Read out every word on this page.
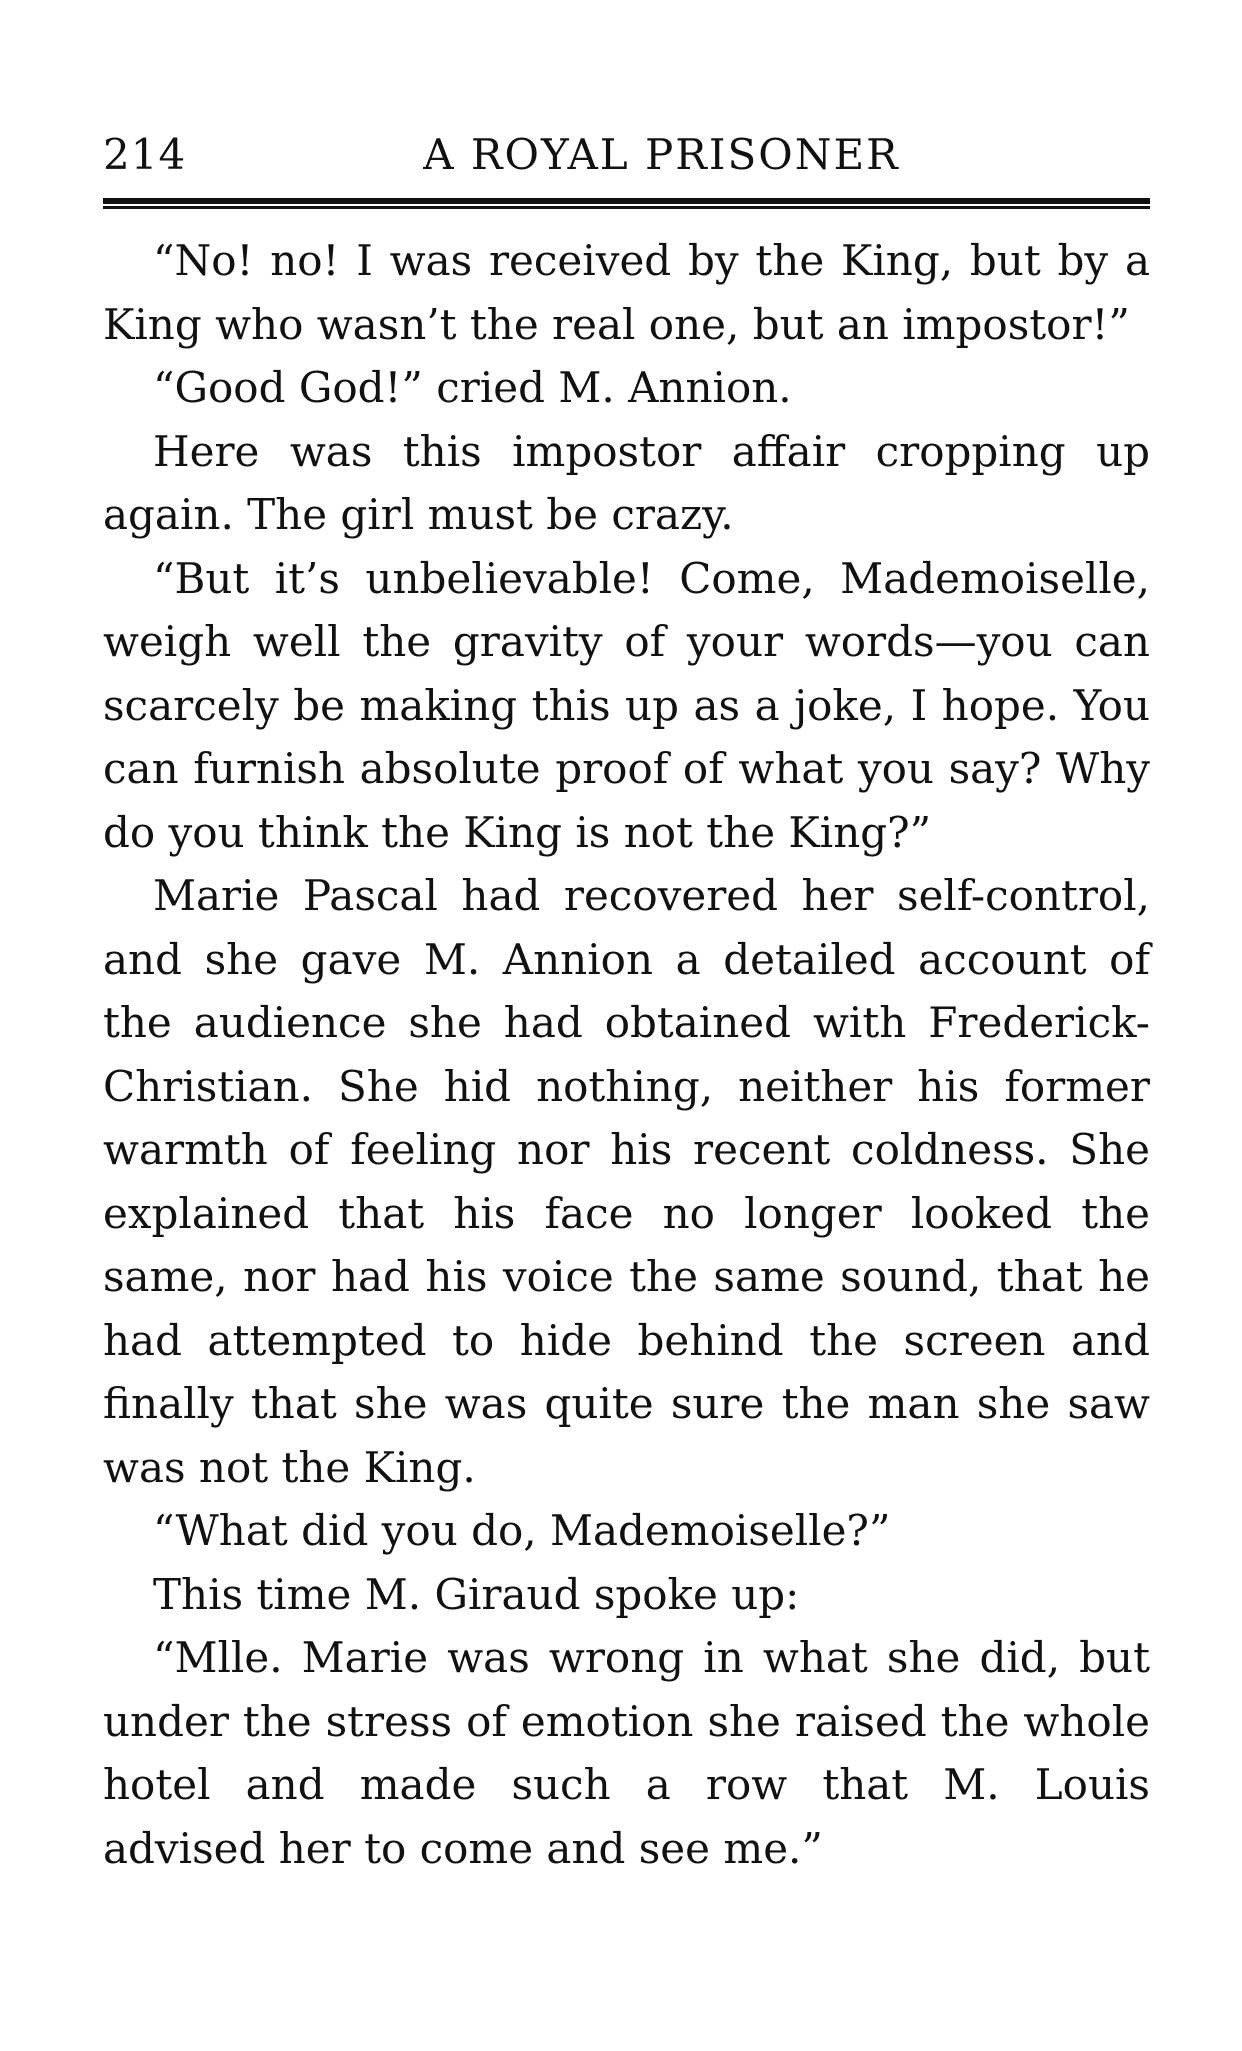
214	A ROYAL PRISONER

“No! no! I was received by the King, but by a King who wasn’t the real one, but an impostor!”

“Good God!” cried M. Annion.

Here was this impostor affair cropping up again. The girl must be crazy.

“But it’s unbelievable! Come, Mademoiselle, weigh well the gravity of your words—you can scarcely be making this up as a joke, I hope. You can furnish absolute proof of what you say? Why do you think the King is not the King?”

Marie Pascal had recovered her self-control, and she gave M. Annion a detailed account of the audience she had obtained with Frederick-Christian. She hid nothing, neither his former warmth of feeling nor his recent coldness. She explained that his face no longer looked the same, nor had his voice the same sound, that he had attempted to hide behind the screen and finally that she was quite sure the man she saw was not the King.

“What did you do, Mademoiselle?”

This time M. Giraud spoke up:

“Mlle. Marie was wrong in what she did, but under the stress of emotion she raised the whole hotel and made such a row that M. Louis advised her to come and see me.”
